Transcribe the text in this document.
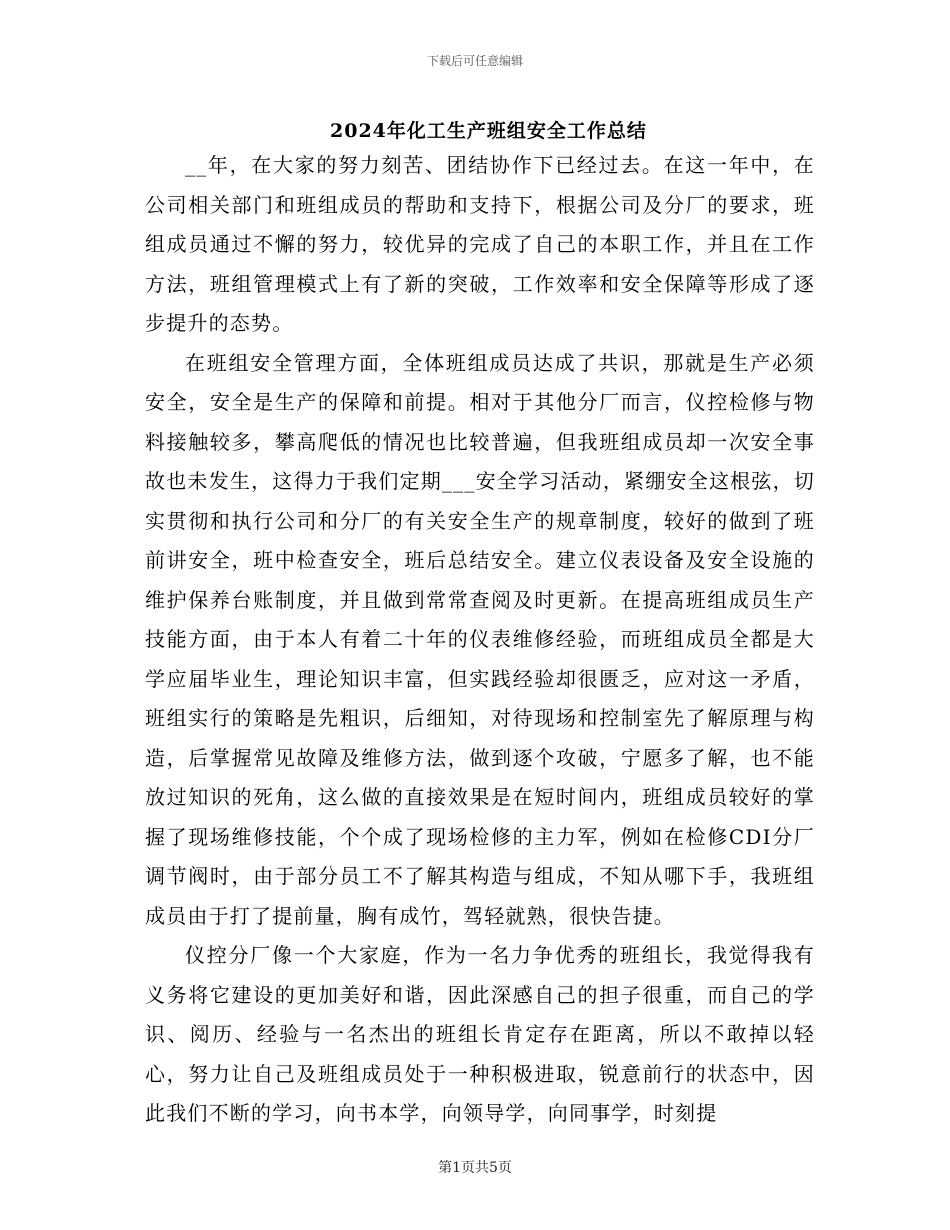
下载后可任意编辑
2024年化工生产班组安全工作总结

__年，在大家的努力刻苦、团结协作下已经过去。在这一年中，在公司相关部门和班组成员的帮助和支持下，根据公司及分厂的要求，班组成员通过不懈的努力，较优异的完成了自己的本职工作，并且在工作方法，班组管理模式上有了新的突破，工作效率和安全保障等形成了逐步提升的态势。

在班组安全管理方面，全体班组成员达成了共识，那就是生产必须安全，安全是生产的保障和前提。相对于其他分厂而言，仪控检修与物料接触较多，攀高爬低的情况也比较普遍，但我班组成员却一次安全事故也未发生，这得力于我们定期___安全学习活动，紧绷安全这根弦，切实贯彻和执行公司和分厂的有关安全生产的规章制度，较好的做到了班前讲安全，班中检查安全，班后总结安全。建立仪表设备及安全设施的维护保养台账制度，并且做到常常查阅及时更新。在提高班组成员生产技能方面，由于本人有着二十年的仪表维修经验，而班组成员全都是大学应届毕业生，理论知识丰富，但实践经验却很匮乏，应对这一矛盾，班组实行的策略是先粗识，后细知，对待现场和控制室先了解原理与构造，后掌握常见故障及维修方法，做到逐个攻破，宁愿多了解，也不能放过知识的死角，这么做的直接效果是在短时间内，班组成员较好的掌握了现场维修技能，个个成了现场检修的主力军，例如在检修CDI分厂调节阀时，由于部分员工不了解其构造与组成，不知从哪下手，我班组成员由于打了提前量，胸有成竹，驾轻就熟，很快告捷。

仪控分厂像一个大家庭，作为一名力争优秀的班组长，我觉得我有义务将它建设的更加美好和谐，因此深感自己的担子很重，而自己的学识、阅历、经验与一名杰出的班组长肯定存在距离，所以不敢掉以轻心，努力让自己及班组成员处于一种积极进取，锐意前行的状态中，因此我们不断的学习，向书本学，向领导学，向同事学，时刻提

第1页共5页
